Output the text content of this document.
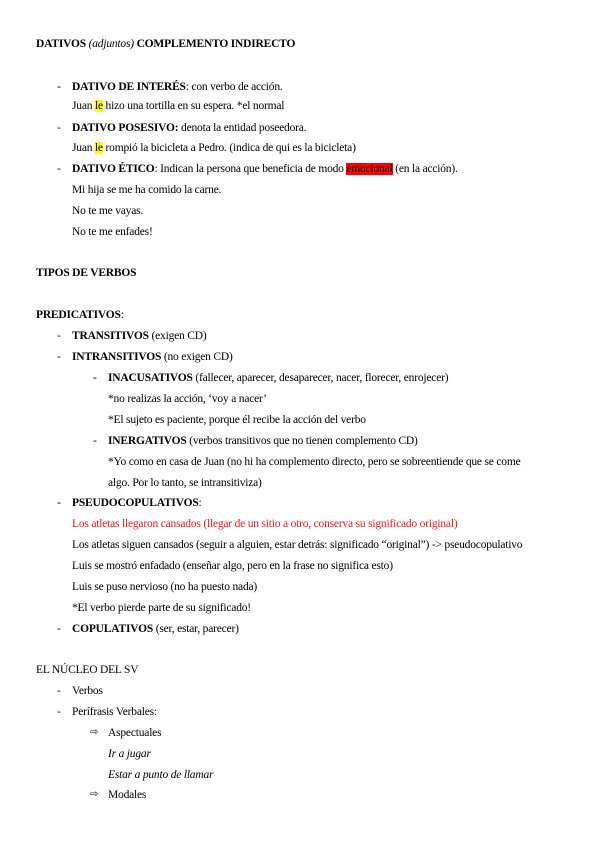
DATIVOS (adjuntos) COMPLEMENTO INDIRECTO
- DATIVO DE INTERÉS: con verbo de acción.
Juan le hizo una tortilla en su espera. *el normal
- DATIVO POSESIVO: denota la entidad poseedora.
Juan le rompió la bicicleta a Pedro. (indica de qui es la bicicleta)
- DATIVO ÉTICO: Indican la persona que beneficia de modo emocional (en la acción).
Mi hija se me ha comido la carne.
No te me vayas.
No te me enfades!
TIPOS DE VERBOS
PREDICATIVOS:
- TRANSITIVOS (exigen CD)
- INTRANSITIVOS (no exigen CD)
- INACUSATIVOS (fallecer, aparecer, desaparecer, nacer, florecer, enrojecer)
*no realizas la acción, ‘voy a nacer’
*El sujeto es paciente, porque él recibe la acción del verbo
- INERGATIVOS (verbos transitivos que no tienen complemento CD)
*Yo como en casa de Juan (no hi ha complemento directo, pero se sobreentiende que se come
algo. Por lo tanto, se intransitiviza)
- PSEUDOCOPULATIVOS:
Los atletas llegaron cansados (llegar de un sitio a otro, conserva su significado original)
Los atletas siguen cansados (seguir a alguien, estar detrás: significado “original”) -> pseudocopulativo
Luis se mostró enfadado (enseñar algo, pero en la frase no significa esto)
Luis se puso nervioso (no ha puesto nada)
*El verbo pierde parte de su significado!
- COPULATIVOS (ser, estar, parecer)
EL NÚCLEO DEL SV
- Verbos
- Perífrasis Verbales:
⇨ Aspectuales
Ir a jugar
Estar a punto de llamar
⇨ Modales
